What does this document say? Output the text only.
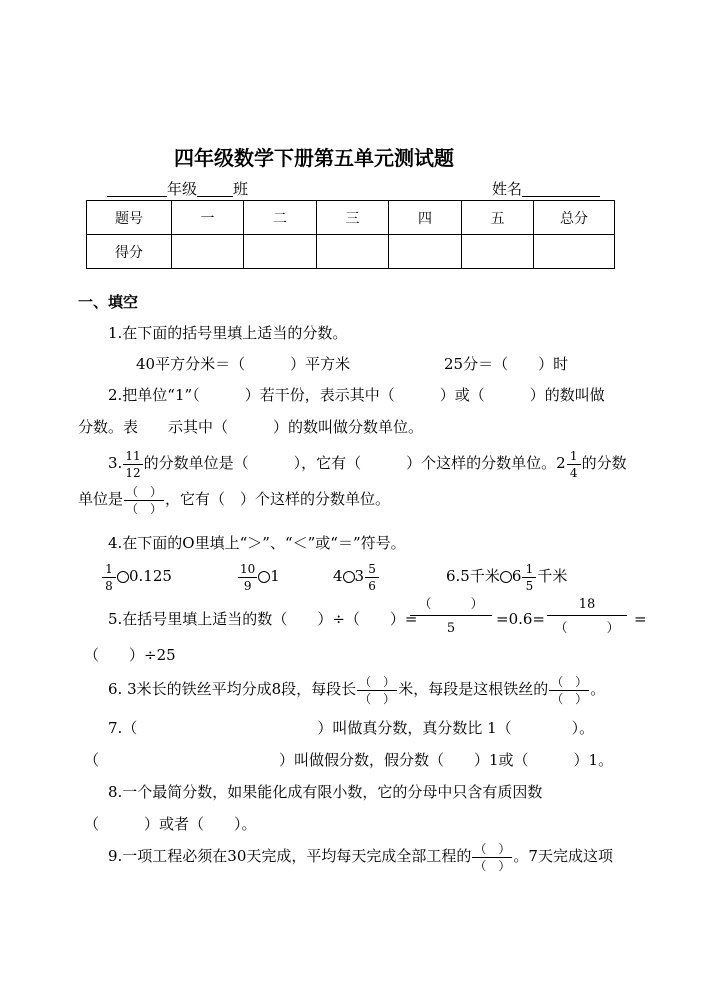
四年级数学下册第五单元测试题
年级 班	姓名
题号	一	二	三	四	五	总分
得分						
一、填空
1.在下面的括号里填上适当的分数。
40平方分米＝（　　　）平方米	25分＝（　　）时
2.把单位“1”（　　　）若干份，表示其中（　　　）或（　　　）的数叫做
分数。表　　示其中（　　　）的数叫做分数单位。
3. $\frac{11}{12}$ 的分数单位是（　　　），它有（　　　）个这样的分数单位。$2 \frac{1}{4}$ 的分数
单位是 $\frac{( )}{( )}$ ，它有（　）个这样的分数单位。
4.在下面的O里填上“＞”、“＜”或“＝”符号。
$\frac{1}{8} 0.125$	$\frac{10}{9} 1$	4 $3 \frac{5}{6}$	6.5千米 $6 \frac{1}{5}$ 千米
5.在括号里填上适当的数（　　）÷（　　）=
（　　　）
5
=0.6=
18
（　　　）
=
（　　）÷25
6. 3米长的铁丝平均分成8段，每段长 $\frac{( )}{( )}$ 米，每段是这根铁丝的 $\frac{( )}{( )}$ 。
7.（　　　　　　　　　　　　）叫做真分数，真分数比 1（　　　　）。
（　　　　　　　　　　　　）叫做假分数，假分数（　　）1或（　　　）1。
8.一个最简分数，如果能化成有限小数，它的分母中只含有质因数
（　　　）或者（　　）。
9.一项工程必须在30天完成，平均每天完成全部工程的 $\frac{( )}{( )}$ 。7天完成这项
